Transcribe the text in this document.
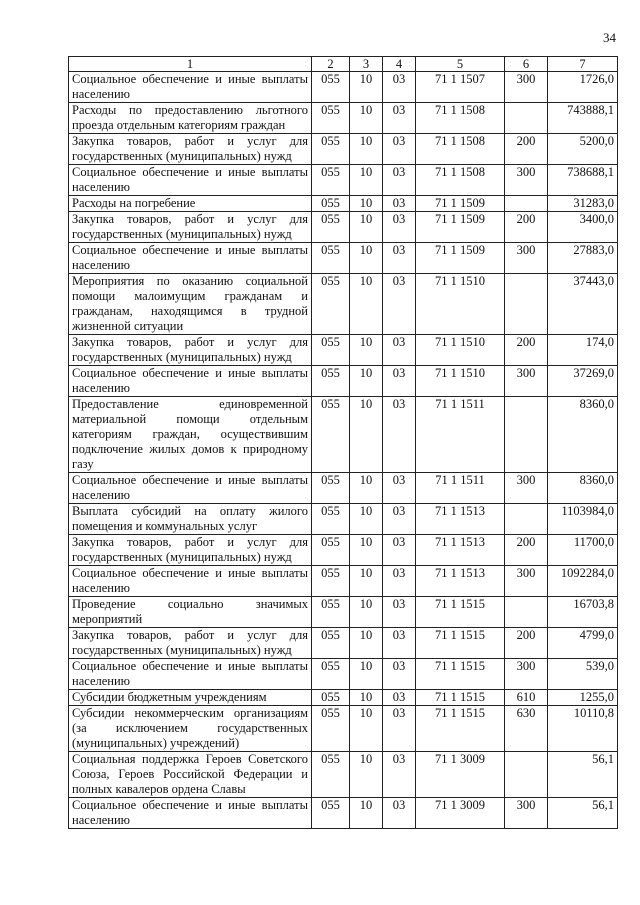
34
1	2	3	4	5	6	7
Социальное обеспечение и иные выплаты населению	055	10	03	71 1 1507	300	1726,0
Расходы по предоставлению льготного проезда отдельным категориям граждан	055	10	03	71 1 1508		743888,1
Закупка товаров, работ и услуг для государственных (муниципальных) нужд	055	10	03	71 1 1508	200	5200,0
Социальное обеспечение и иные выплаты населению	055	10	03	71 1 1508	300	738688,1
Расходы на погребение	055	10	03	71 1 1509		31283,0
Закупка товаров, работ и услуг для государственных (муниципальных) нужд	055	10	03	71 1 1509	200	3400,0
Социальное обеспечение и иные выплаты населению	055	10	03	71 1 1509	300	27883,0
Мероприятия по оказанию социальной помощи малоимущим гражданам и гражданам, находящимся в трудной жизненной ситуации	055	10	03	71 1 1510		37443,0
Закупка товаров, работ и услуг для государственных (муниципальных) нужд	055	10	03	71 1 1510	200	174,0
Социальное обеспечение и иные выплаты населению	055	10	03	71 1 1510	300	37269,0
Предоставление единовременной материальной помощи отдельным категориям граждан, осуществившим подключение жилых домов к природному газу	055	10	03	71 1 1511		8360,0
Социальное обеспечение и иные выплаты населению	055	10	03	71 1 1511	300	8360,0
Выплата субсидий на оплату жилого помещения и коммунальных услуг	055	10	03	71 1 1513		1103984,0
Закупка товаров, работ и услуг для государственных (муниципальных) нужд	055	10	03	71 1 1513	200	11700,0
Социальное обеспечение и иные выплаты населению	055	10	03	71 1 1513	300	1092284,0
Проведение социально значимых мероприятий	055	10	03	71 1 1515		16703,8
Закупка товаров, работ и услуг для государственных (муниципальных) нужд	055	10	03	71 1 1515	200	4799,0
Социальное обеспечение и иные выплаты населению	055	10	03	71 1 1515	300	539,0
Субсидии бюджетным учреждениям	055	10	03	71 1 1515	610	1255,0
Субсидии некоммерческим организациям (за исключением государственных (муниципальных) учреждений)	055	10	03	71 1 1515	630	10110,8
Социальная поддержка Героев Советского Союза, Героев Российской Федерации и полных кавалеров ордена Славы	055	10	03	71 1 3009		56,1
Социальное обеспечение и иные выплаты населению	055	10	03	71 1 3009	300	56,1
